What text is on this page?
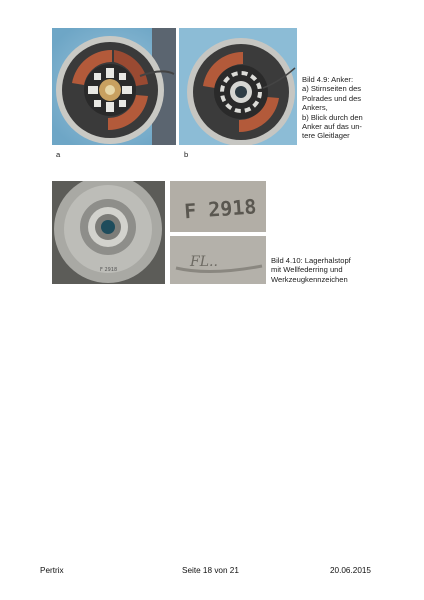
a	b
Bild 4.9: Anker:
a) Stirnseiten des
Polrades und des
Ankers,
b) Blick durch den
Anker auf das un-
tere Gleitlager
F 2918
F 2918
FL..	Bild 4.10: Lagerhalstopf
mit Wellfederring und
Werkzeugkennzeichen
Pertrix	Seite 18 von 21	20.06.2015
